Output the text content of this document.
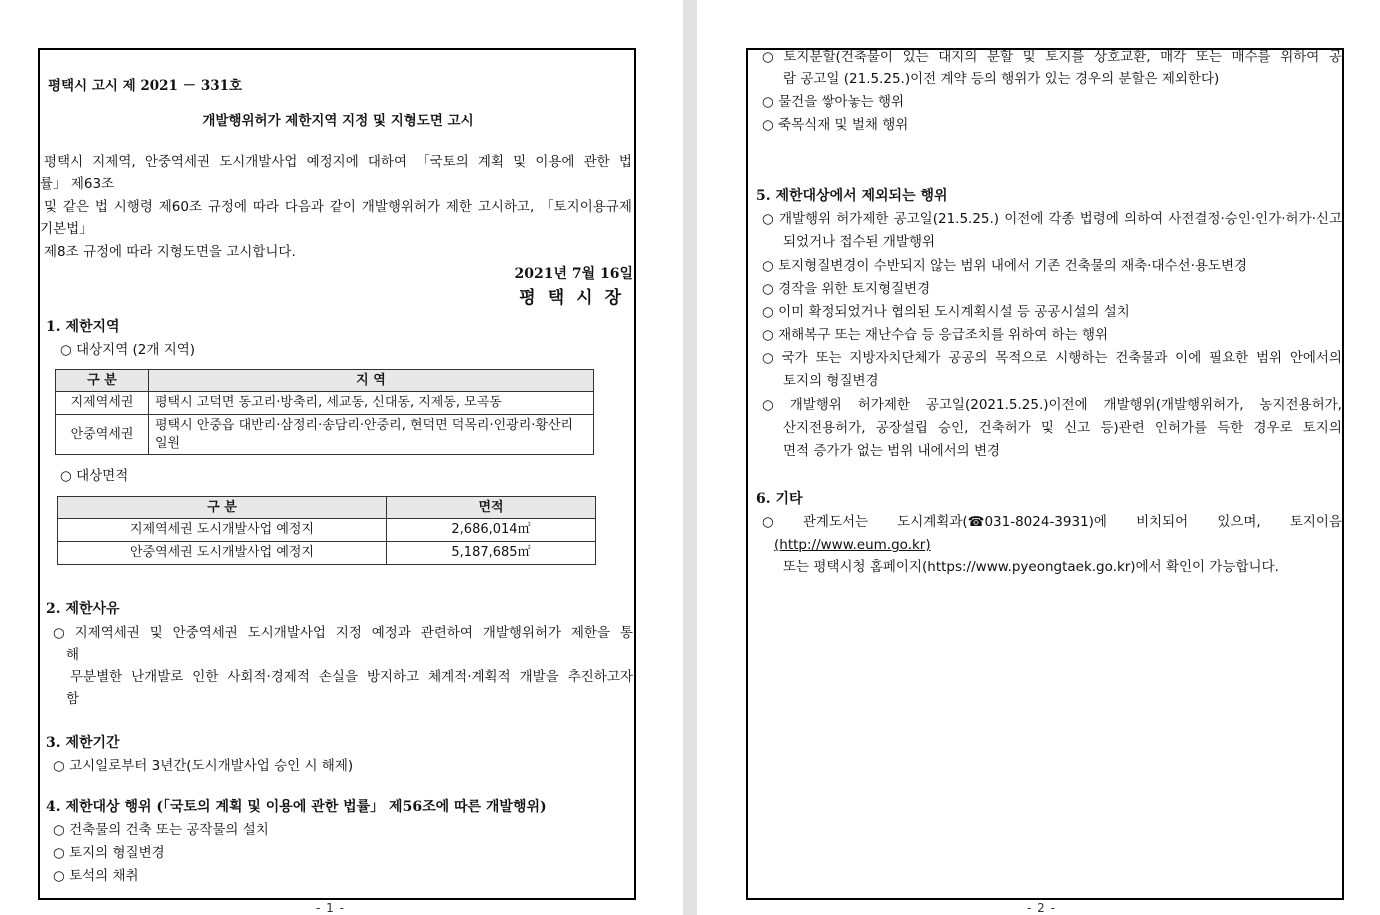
평택시 고시 제 2021 － 331호
개발행위허가 제한지역 지정 및 지형도면 고시
평택시 지제역, 안중역세권 도시개발사업 예정지에 대하여 「국토의 계획 및 이용에 관한 법
률」 제63조
및 같은 법 시행령 제60조 규정에 따라 다음과 같이 개발행위허가 제한 고시하고, 「토지이용규제
기본법」
제8조 규정에 따라 지형도면을 고시합니다.
2021년 7월 16일
평택시장
1. 제한지역
○ 대상지역 (2개 지역)
구 분	지 역
지제역세권	평택시 고덕면 동고리·방축리, 세교동, 신대동, 지제동, 모곡동
안중역세권	평택시 안중읍 대반리·삼정리·송담리·안중리, 현덕면 덕목리·인광리·황산리
일원
○ 대상면적
구 분	면적
지제역세권 도시개발사업 예정지	2,686,014㎡
안중역세권 도시개발사업 예정지	5,187,685㎡
2. 제한사유
○ 지제역세권 및 안중역세권 도시개발사업 지정 예정과 관련하여 개발행위허가 제한을 통
해
무분별한 난개발로 인한 사회적·경제적 손실을 방지하고 체계적·계획적 개발을 추진하고자
함
3. 제한기간
○ 고시일로부터 3년간(도시개발사업 승인 시 해제)
4. 제한대상 행위 (「국토의 계획 및 이용에 관한 법률」 제56조에 따른 개발행위)
○ 건축물의 건축 또는 공작물의 설치
○ 토지의 형질변경
○ 토석의 채취
- 1 -
○ 토지분할(건축물이 있는 대지의 분할 및 토지를 상호교환, 매각 또는 매수를 위하여 공
람 공고일 (21.5.25.)이전 계약 등의 행위가 있는 경우의 분할은 제외한다)
○ 물건을 쌓아놓는 행위
○ 죽목식재 및 벌채 행위
5. 제한대상에서 제외되는 행위
○ 개발행위 허가제한 공고일(21.5.25.) 이전에 각종 법령에 의하여 사전결정·승인·인가·허가·신고
되었거나 접수된 개발행위
○ 토지형질변경이 수반되지 않는 범위 내에서 기존 건축물의 재축·대수선·용도변경
○ 경작을 위한 토지형질변경
○ 이미 확정되었거나 협의된 도시계획시설 등 공공시설의 설치
○ 재해복구 또는 재난수습 등 응급조치를 위하여 하는 행위
○ 국가 또는 지방자치단체가 공공의 목적으로 시행하는 건축물과 이에 필요한 범위 안에서의
토지의 형질변경
○ 개발행위 허가제한 공고일(2021.5.25.)이전에 개발행위(개발행위허가, 농지전용허가,
산지전용허가, 공장설립 승인, 건축허가 및 신고 등)관련 인허가를 득한 경우로 토지의
면적 증가가 없는 범위 내에서의 변경
6. 기타
○ 관계도서는 도시계획과(☎031-8024-3931)에 비치되어 있으며, 토지이음
(http://www.eum.go.kr)
또는 평택시청 홈페이지(https://www.pyeongtaek.go.kr)에서 확인이 가능합니다.
- 2 -
